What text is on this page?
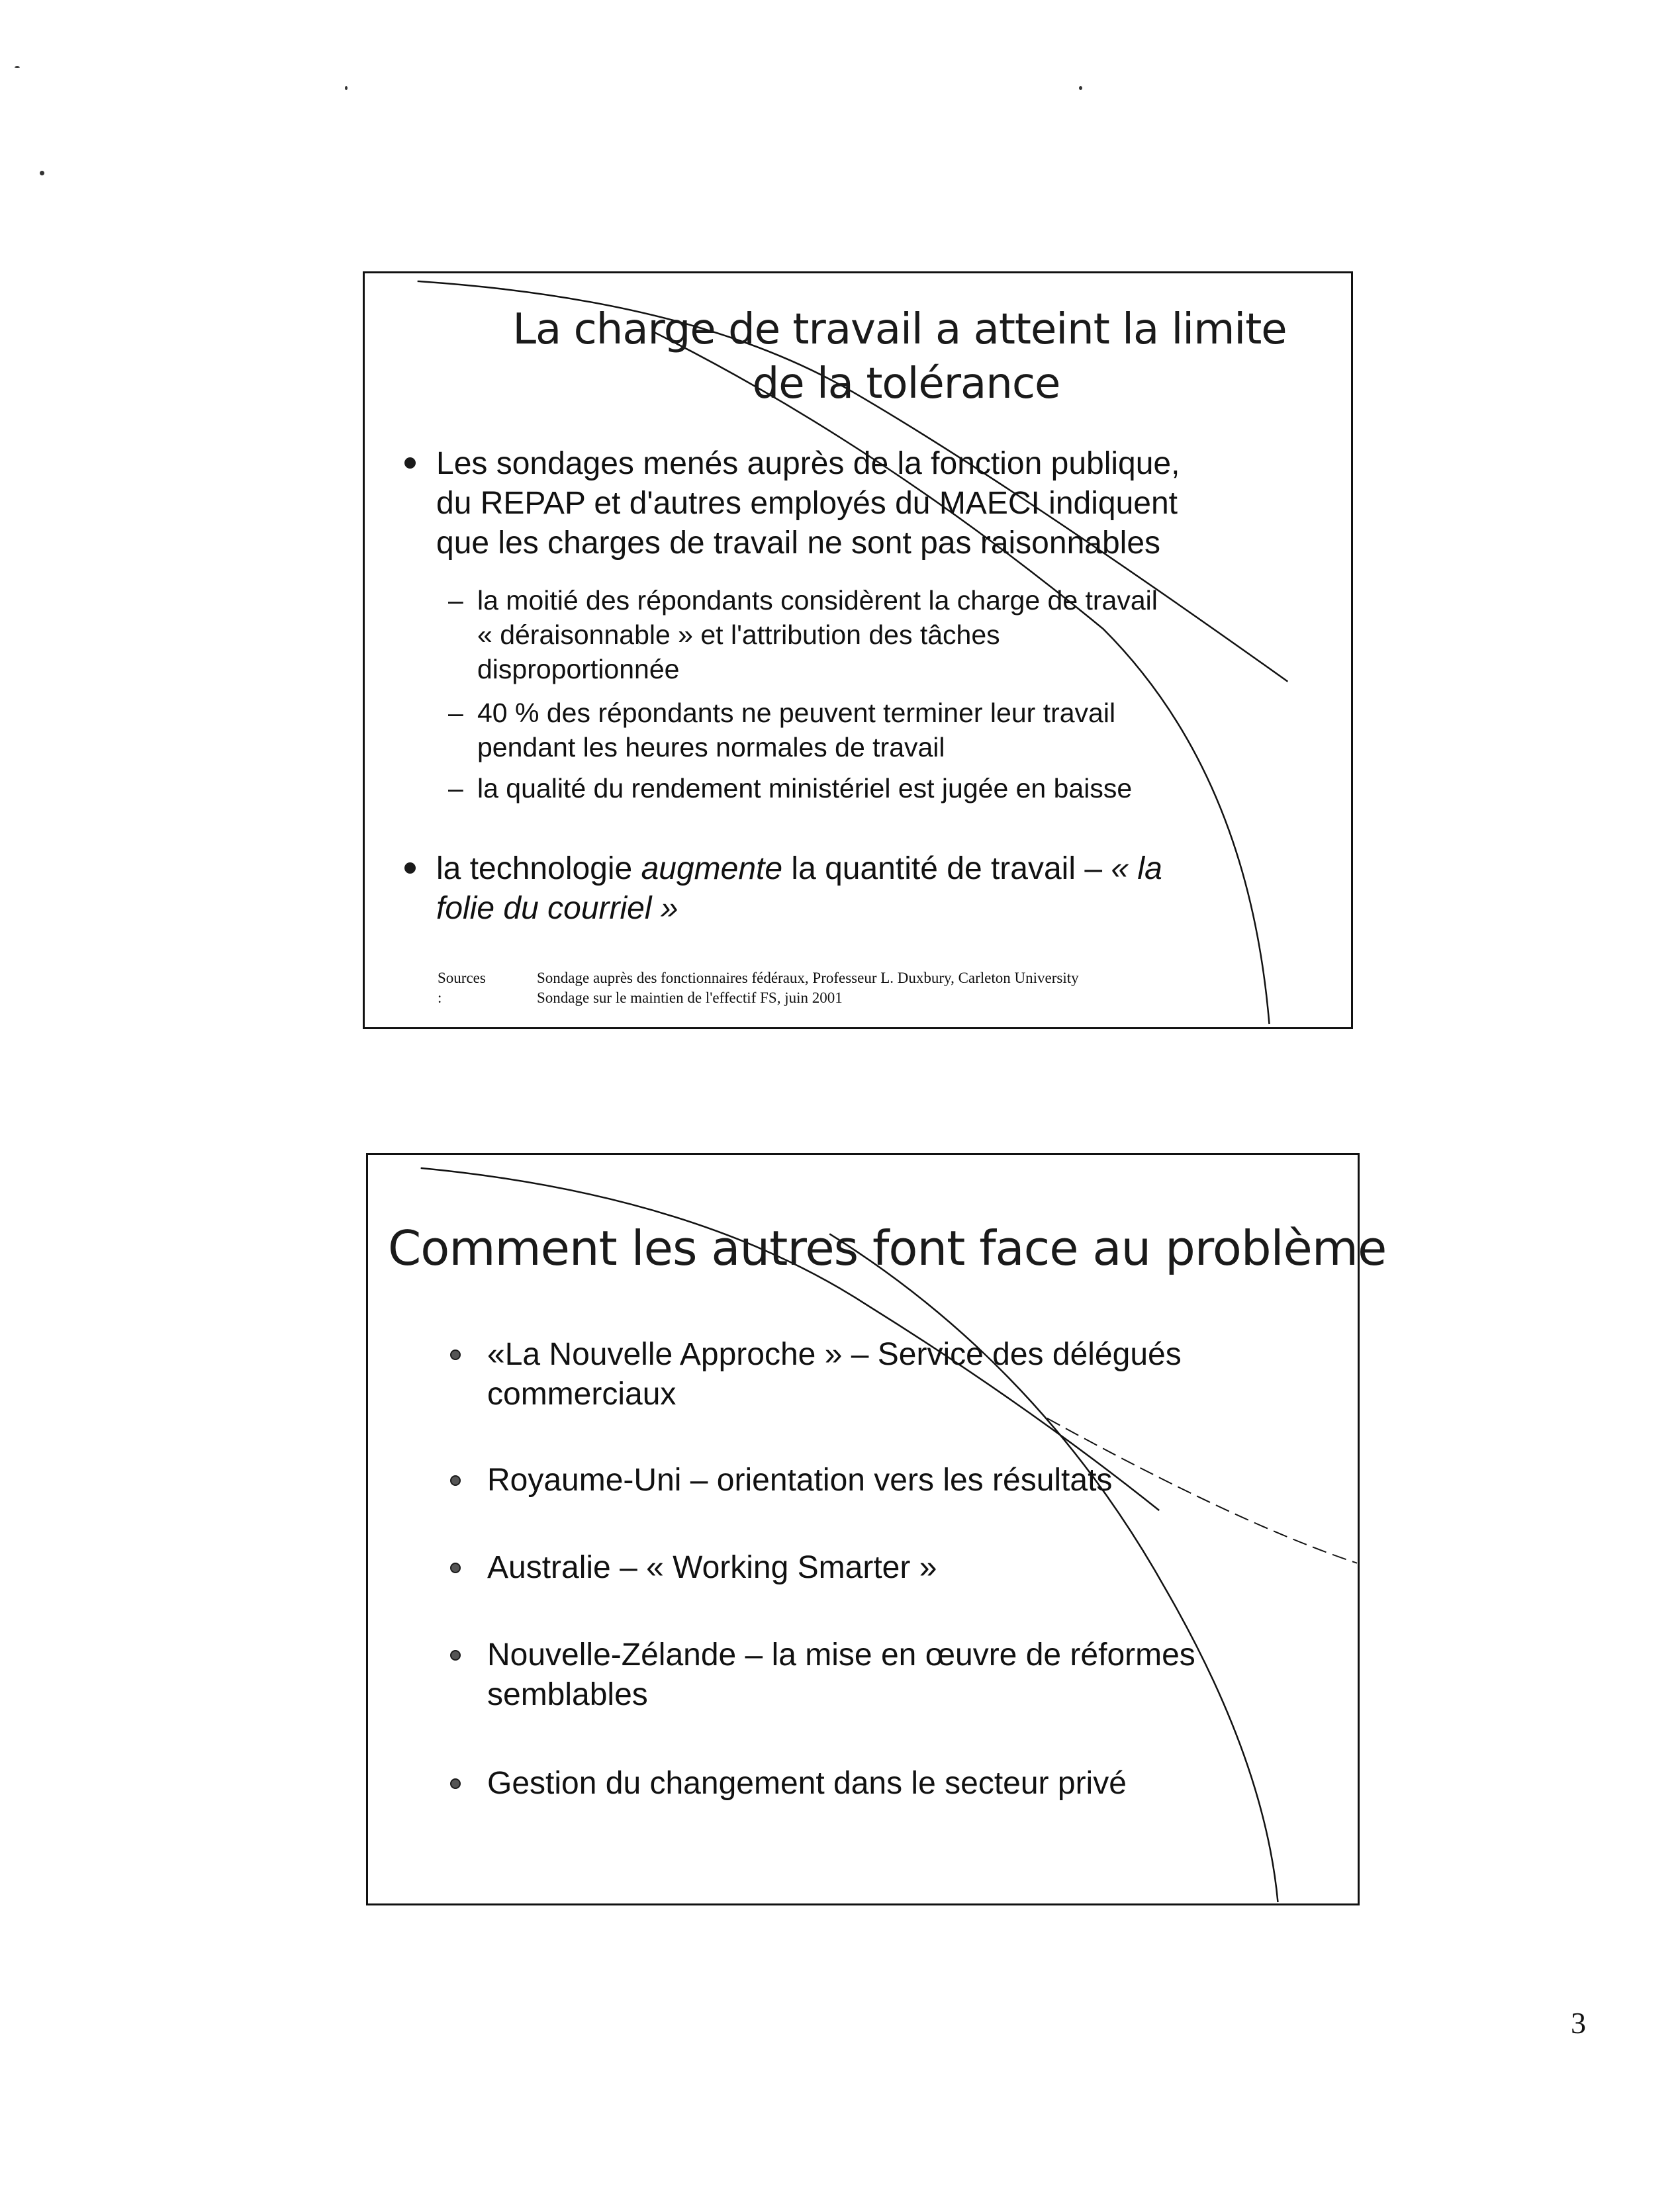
La charge de travail a atteint la limite
de la tolérance
Les sondages menés auprès de la fonction publique,
du REPAP et d'autres employés du MAECI indiquent
que les charges de travail ne sont pas raisonnables
– la moitié des répondants considèrent la charge de travail
« déraisonnable » et l'attribution des tâches
disproportionnée
– 40 % des répondants ne peuvent terminer leur travail
pendant les heures normales de travail
– la qualité du rendement ministériel est jugée en baisse
la technologie augmente la quantité de travail – « la
folie du courriel »
Sources :
Sondage auprès des fonctionnaires fédéraux, Professeur L. Duxbury, Carleton University
Sondage sur le maintien de l'effectif FS, juin 2001
Comment les autres font face au problème
«La Nouvelle Approche » – Service des délégués
commerciaux
Royaume-Uni – orientation vers les résultats
Australie – « Working Smarter »
Nouvelle-Zélande – la mise en œuvre de réformes
semblables
Gestion du changement dans le secteur privé
3
